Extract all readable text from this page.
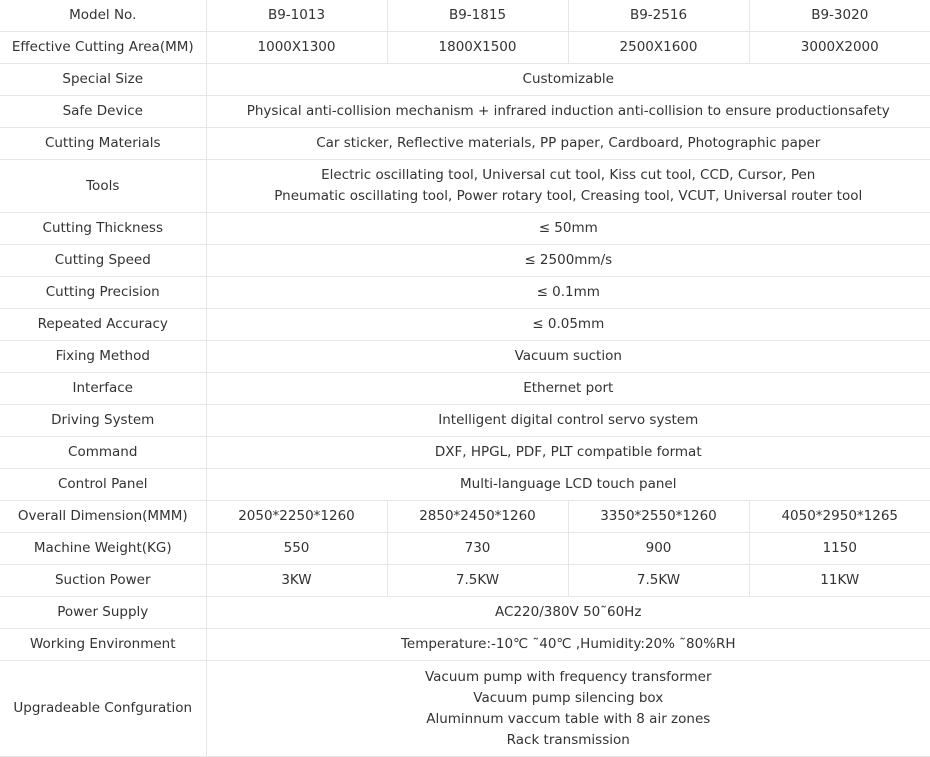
Model No.	B9-1013	B9-1815	B9-2516	B9-3020
Effective Cutting Area(MM)	1000X1300	1800X1500	2500X1600	3000X2000
Special Size	Customizable			
Safe Device	Physical anti-collision mechanism + infrared induction anti-collision to ensure productionsafety			
Cutting Materials	Car sticker, Reflective materials, PP paper, Cardboard, Photographic paper			
Tools	Electric oscillating tool, Universal cut tool, Kiss cut tool, CCD, Cursor, Pen
Pneumatic oscillating tool, Power rotary tool, Creasing tool, VCUT, Universal router tool			

Cutting Thickness	≤ 50mm			
Cutting Speed	≤ 2500mm/s			
Cutting Precision	≤ 0.1mm			
Repeated Accuracy	≤ 0.05mm			
Fixing Method	Vacuum suction			
Interface	Ethernet port			
Driving System	Intelligent digital control servo system			
Command	DXF, HPGL, PDF, PLT compatible format			
Control Panel	Multi-language LCD touch panel			
Overall Dimension(MMM)	2050*2250*1260	2850*2450*1260	3350*2550*1260	4050*2950*1265
Machine Weight(KG)	550	730	900	1150
Suction Power	3KW	7.5KW	7.5KW	11KW
Power Supply	AC220/380V 50˜60Hz			
Working Environment	Temperature:-10℃ ˜40℃ ,Humidity:20% ˜80%RH			
Upgradeable Confguration	Vacuum pump with frequency transformer
Vacuum pump silencing box
Aluminnum vaccum table with 8 air zones
Rack transmission			
